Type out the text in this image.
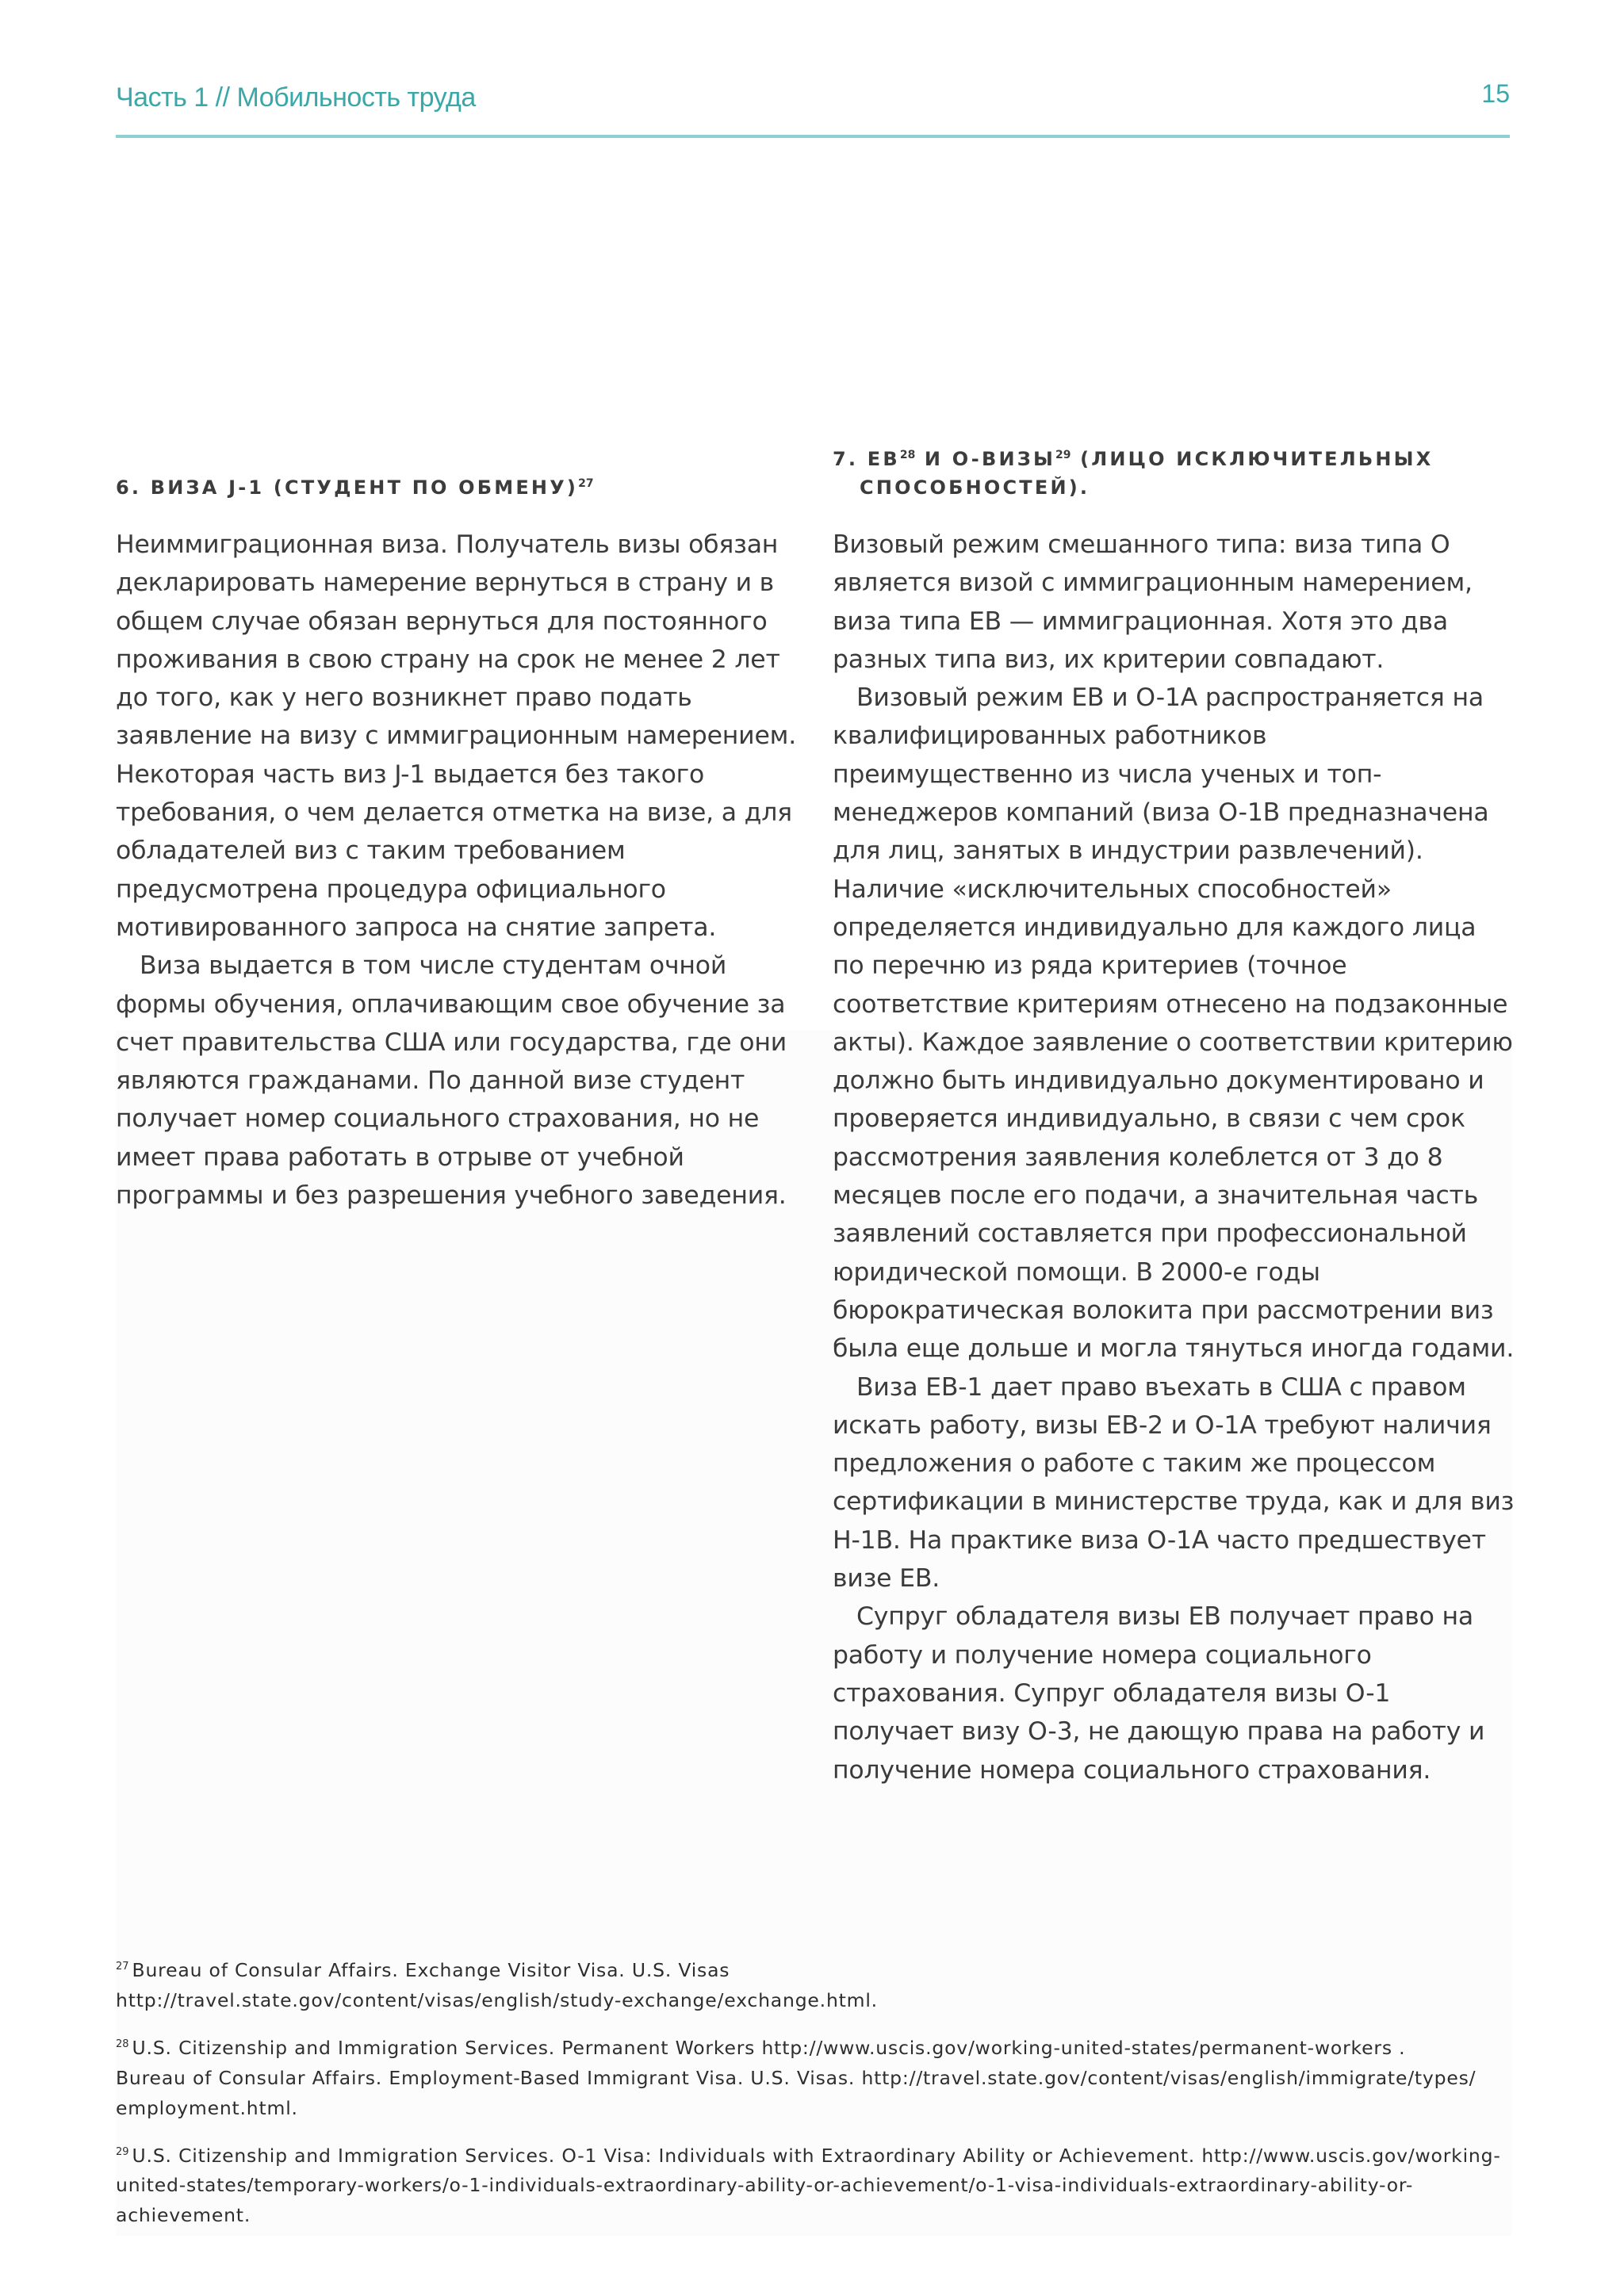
Часть 1 // Мобильность труда	15
6. ВИЗА J-1 (СТУДЕНТ ПО ОБМЕНУ)$^{27}$

Неиммиграционная виза. Получатель визы обязан декларировать намерение вернуться в страну и в общем случае обязан вернуться для постоянного проживания в свою страну на срок не менее 2 лет до того, как у него возникнет право подать заявление на визу с иммиграционным намерением. Некоторая часть виз J-1 выдается без такого требования, о чем делается отметка на визе, а для обладателей виз с таким требованием предусмотрена процедура официального мотивированного запроса на снятие запрета.

Виза выдается в том числе студентам очной формы обучения, оплачивающим свое обучение за счет правительства США или государства, где они являются гражданами. По данной визе студент получает номер социального страхования, но не имеет права работать в отрыве от учебной программы и без разрешения учебного заведения.

7. EB$^{28}$ И O-ВИЗЫ$^{29}$ (ЛИЦО ИСКЛЮЧИТЕЛЬНЫХ СПОСОБНОСТЕЙ).

Визовый режим смешанного типа: виза типа O является визой с иммиграционным намерением, виза типа EB — иммиграционная. Хотя это два разных типа виз, их критерии совпадают.

Визовый режим EB и O-1A распространяется на квалифицированных работников преимущественно из числа ученых и топ-менеджеров компаний (виза O-1B предназначена для лиц, занятых в индустрии развлечений). Наличие «исключительных способностей» определяется индивидуально для каждого лица по перечню из ряда критериев (точное соответствие критериям отнесено на подзаконные акты). Каждое заявление о соответствии критерию должно быть индивидуально документировано и проверяется индивидуально, в связи с чем срок рассмотрения заявления колеблется от 3 до 8 месяцев после его подачи, а значительная часть заявлений составляется при профессиональной юридической помощи. В 2000-е годы бюрократическая волокита при рассмотрении виз была еще дольше и могла тянуться иногда годами.

Виза EB-1 дает право въехать в США с правом искать работу, визы EB-2 и O-1A требуют наличия предложения о работе с таким же процессом сертификации в министерстве труда, как и для виз H-1B. На практике виза O-1A часто предшествует визе EB.

Супруг обладателя визы EB получает право на работу и получение номера социального страхования. Супруг обладателя визы O-1 получает визу O-3, не дающую права на работу и получение номера социального страхования.

$^{27}$ Bureau of Consular Affairs. Exchange Visitor Visa. U.S. Visas
http://travel.state.gov/content/visas/english/study-exchange/exchange.html.

$^{28}$ U.S. Citizenship and Immigration Services. Permanent Workers http://www.uscis.gov/working-united-states/permanent-workers .
Bureau of Consular Affairs. Employment-Based Immigrant Visa. U.S. Visas. http://travel.state.gov/content/visas/english/immigrate/types/
employment.html.

$^{29}$ U.S. Citizenship and Immigration Services. O-1 Visa: Individuals with Extraordinary Ability or Achievement. http://www.uscis.gov/working-
united-states/temporary-workers/o-1-individuals-extraordinary-ability-or-achievement/o-1-visa-individuals-extraordinary-ability-or-
achievement.
